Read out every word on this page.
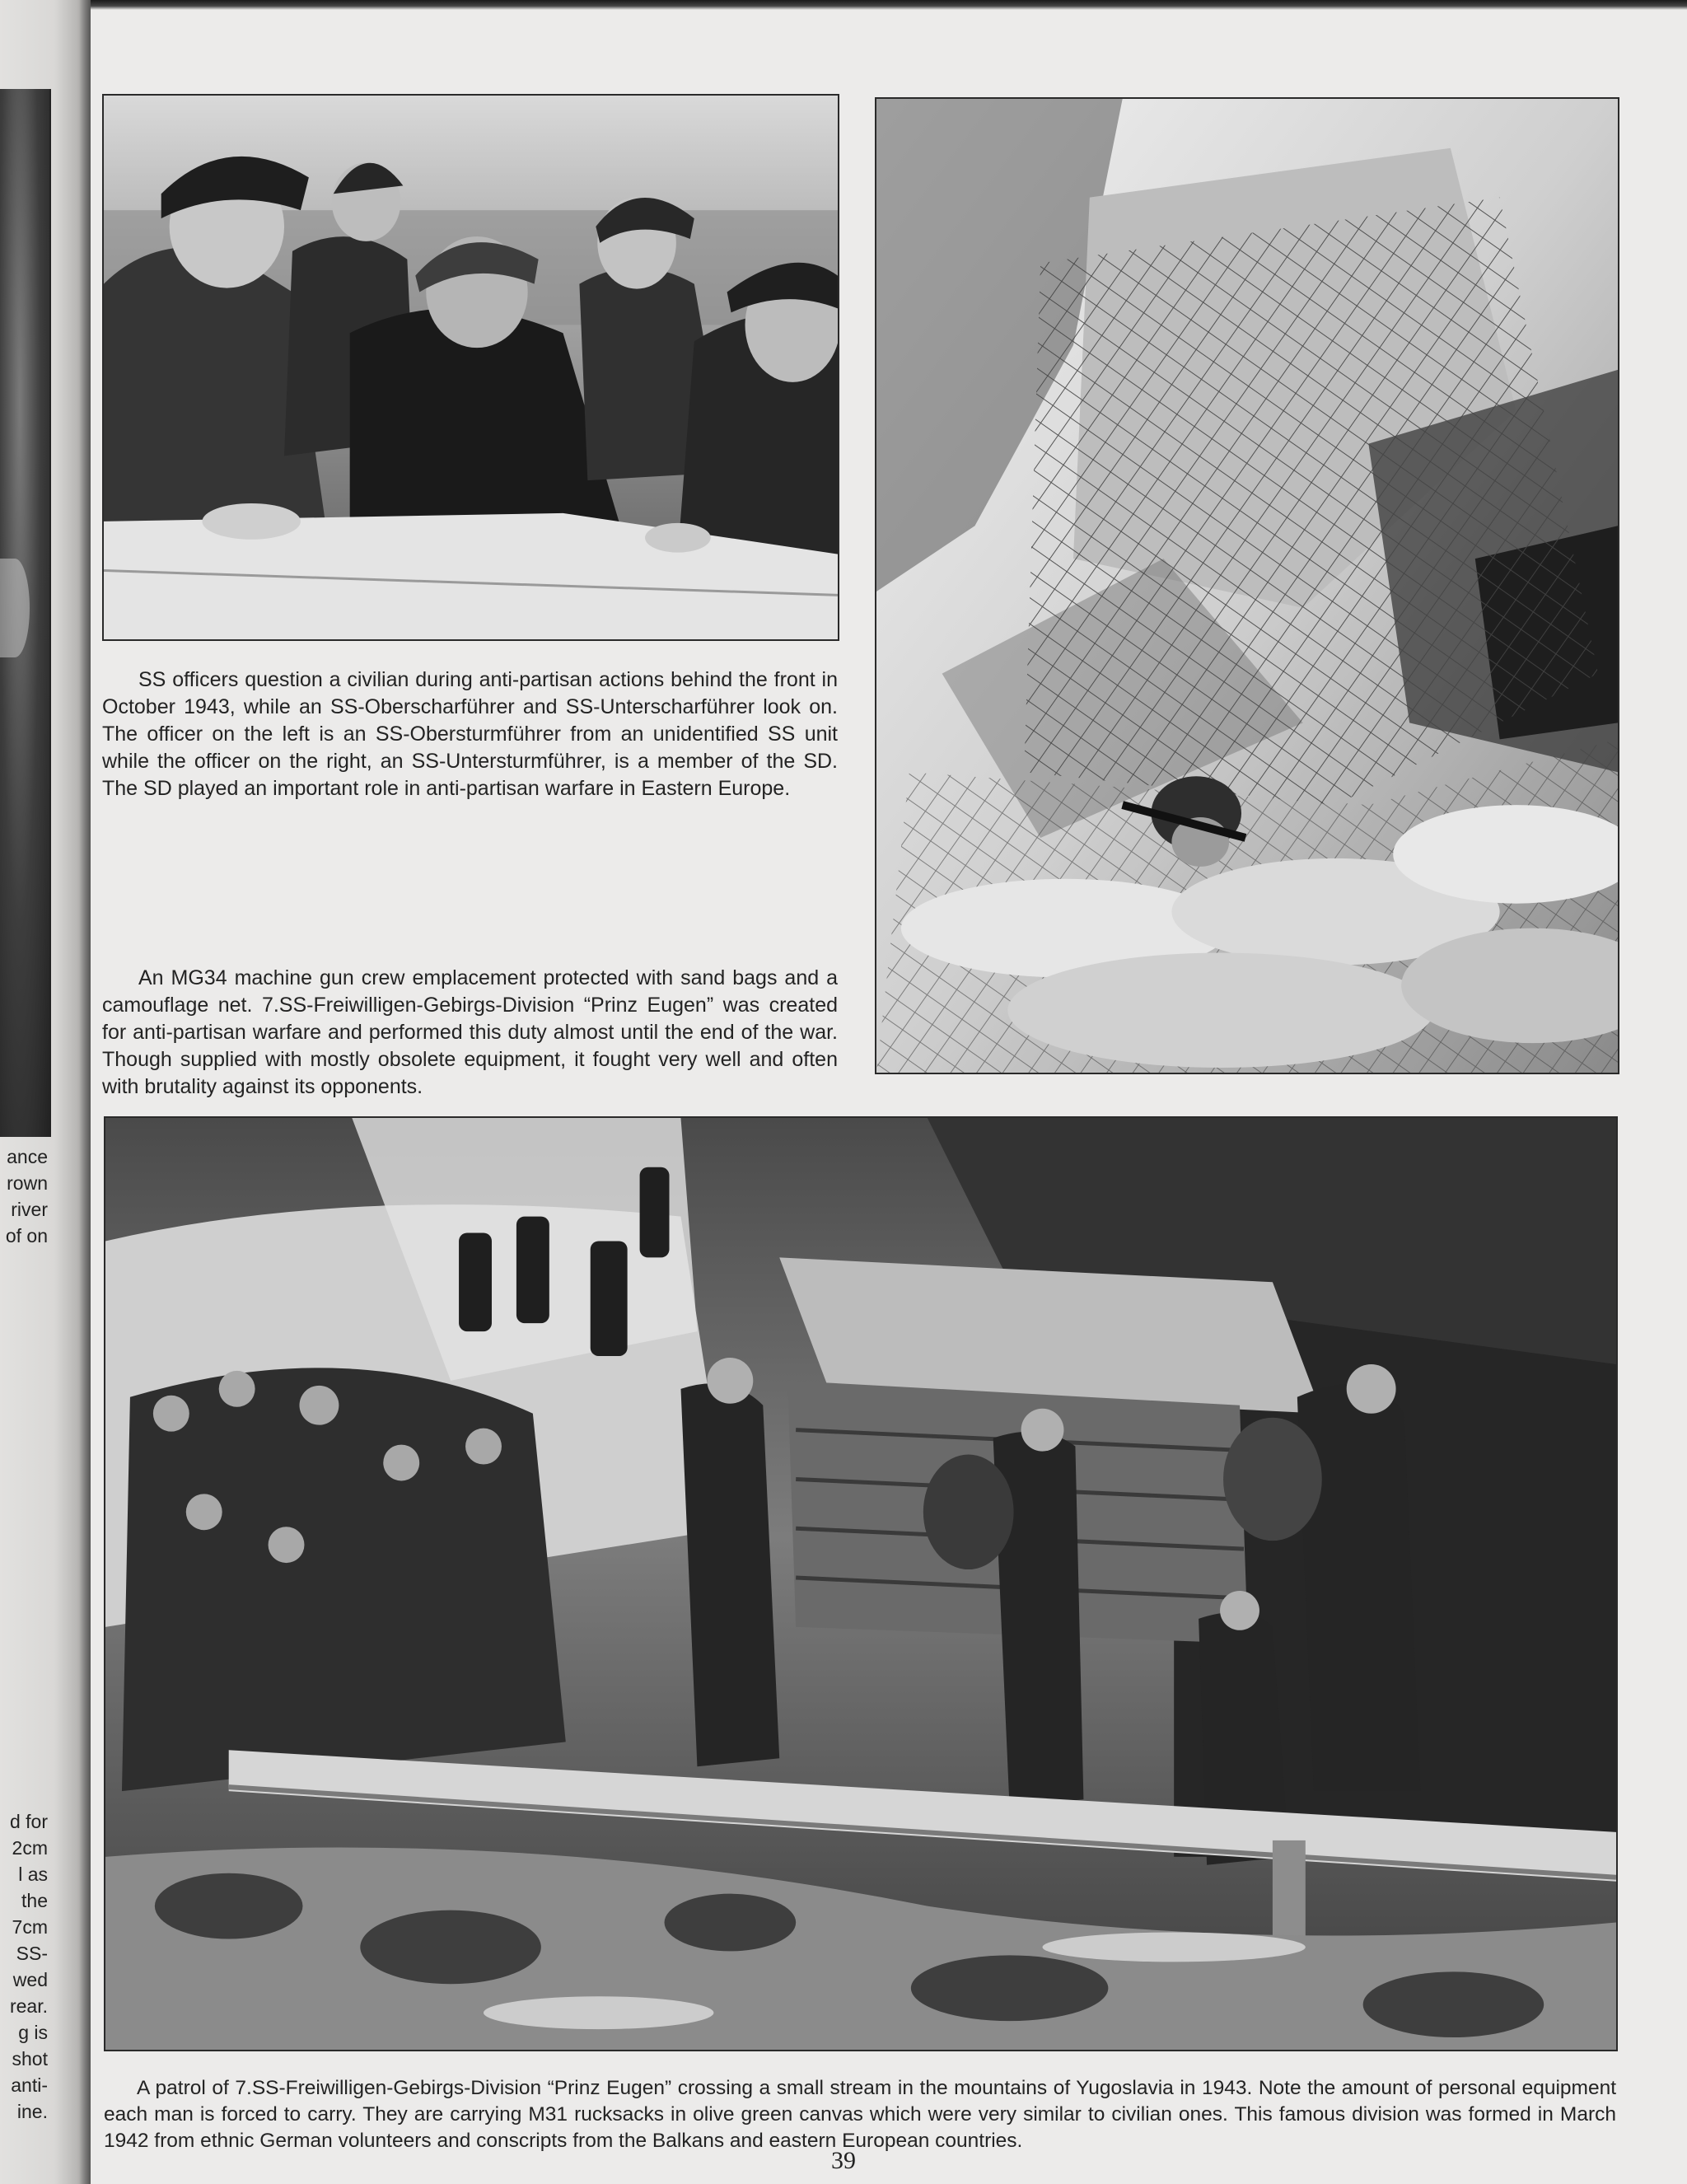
ance
rown
river
of on
d for
2cm
l as
the
7cm
SS-
wed
rear.
g is
shot
anti-
ine.

SS officers question a civilian during anti-partisan actions behind the front in October 1943, while an SS-Oberscharführer and SS-Unterscharführer look on. The officer on the left is an SS-Obersturmführer from an unidentified SS unit while the officer on the right, an SS-Untersturmführer, is a member of the SD. The SD played an important role in anti-partisan warfare in Eastern Europe.

An MG34 machine gun crew emplacement protected with sand bags and a camouflage net. 7.SS-Freiwilligen-Gebirgs-Division “Prinz Eugen” was created for anti-partisan warfare and performed this duty almost until the end of the war. Though supplied with mostly obsolete equipment, it fought very well and often with brutality against its opponents.

A patrol of 7.SS-Freiwilligen-Gebirgs-Division “Prinz Eugen” crossing a small stream in the mountains of Yugoslavia in 1943. Note the amount of personal equipment each man is forced to carry. They are carrying M31 rucksacks in olive green canvas which were very similar to civilian ones. This famous division was formed in March 1942 from ethnic German volunteers and conscripts from the Balkans and eastern European countries.

39
